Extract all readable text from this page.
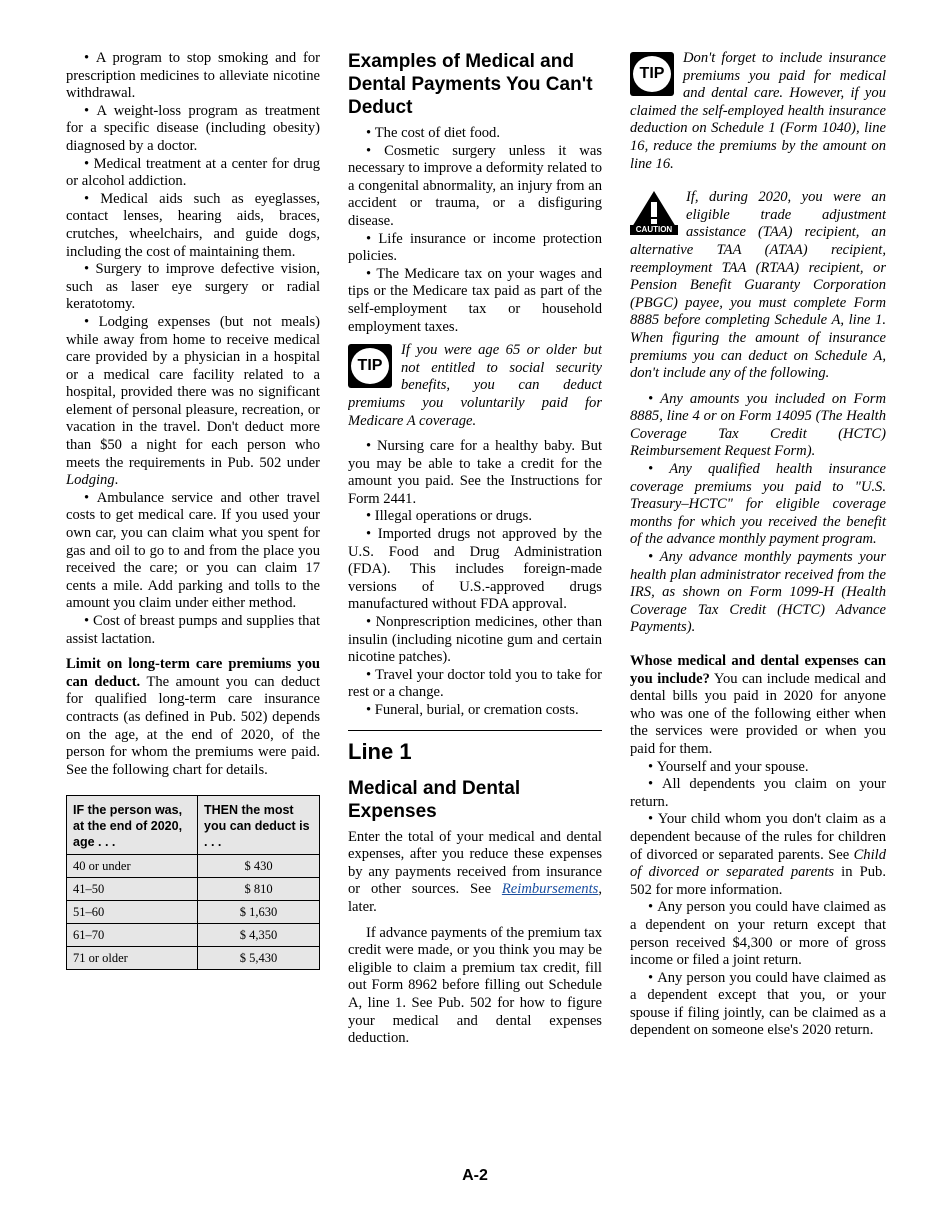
• A program to stop smoking and for prescription medicines to alleviate nicotine withdrawal.

• A weight-loss program as treatment for a specific disease (including obesity) diagnosed by a doctor.

• Medical treatment at a center for drug or alcohol addiction.

• Medical aids such as eyeglasses, contact lenses, hearing aids, braces, crutches, wheelchairs, and guide dogs, including the cost of maintaining them.

• Surgery to improve defective vision, such as laser eye surgery or radial keratotomy.

• Lodging expenses (but not meals) while away from home to receive medical care provided by a physician in a hospital or a medical care facility related to a hospital, provided there was no significant element of personal pleasure, recreation, or vacation in the travel. Don't deduct more than $50 a night for each person who meets the requirements in Pub. 502 under Lodging.

• Ambulance service and other travel costs to get medical care. If you used your own car, you can claim what you spent for gas and oil to go to and from the place you received the care; or you can claim 17 cents a mile. Add parking and tolls to the amount you claim under either method.

• Cost of breast pumps and supplies that assist lactation.

Limit on long-term care premiums you can deduct. The amount you can deduct for qualified long-term care insurance contracts (as defined in Pub. 502) depends on the age, at the end of 2020, of the person for whom the premiums were paid. See the following chart for details.

IF the person was, at the end of 2020, age . . .	THEN the most you can deduct is . . .
40 or under	$ 430
41–50	$ 810
51–60	$ 1,630
61–70	$ 4,350
71 or older	$ 5,430
Examples of Medical and Dental Payments You Can't Deduct

• The cost of diet food.

• Cosmetic surgery unless it was necessary to improve a deformity related to a congenital abnormality, an injury from an accident or trauma, or a disfiguring disease.

• Life insurance or income protection policies.

• The Medicare tax on your wages and tips or the Medicare tax paid as part of the self-employment tax or household employment taxes.

TIP

If you were age 65 or older but not entitled to social security benefits, you can deduct premiums you voluntarily paid for Medicare A coverage.

• Nursing care for a healthy baby. But you may be able to take a credit for the amount you paid. See the Instructions for Form 2441.

• Illegal operations or drugs.

• Imported drugs not approved by the U.S. Food and Drug Administration (FDA). This includes foreign-made versions of U.S.-approved drugs manufactured without FDA approval.

• Nonprescription medicines, other than insulin (including nicotine gum and certain nicotine patches).

• Travel your doctor told you to take for rest or a change.

• Funeral, burial, or cremation costs.

Line 1
Medical and Dental Expenses

Enter the total of your medical and dental expenses, after you reduce these expenses by any payments received from insurance or other sources. See Reimbursements, later.

If advance payments of the premium tax credit were made, or you think you may be eligible to claim a premium tax credit, fill out Form 8962 before filling out Schedule A, line 1. See Pub. 502 for how to figure your medical and dental expenses deduction.

TIP

Don't forget to include insurance premiums you paid for medical and dental care. However, if you claimed the self-employed health insurance deduction on Schedule 1 (Form 1040), line 16, reduce the premiums by the amount on line 16.

CAUTION

If, during 2020, you were an eligible trade adjustment assistance (TAA) recipient, an alternative TAA (ATAA) recipient, reemployment TAA (RTAA) recipient, or Pension Benefit Guaranty Corporation (PBGC) payee, you must complete Form 8885 before completing Schedule A, line 1. When figuring the amount of insurance premiums you can deduct on Schedule A, don't include any of the following.

• Any amounts you included on Form 8885, line 4 or on Form 14095 (The Health Coverage Tax Credit (HCTC) Reimbursement Request Form).

• Any qualified health insurance coverage premiums you paid to "U.S. Treasury–HCTC" for eligible coverage months for which you received the benefit of the advance monthly payment program.

• Any advance monthly payments your health plan administrator received from the IRS, as shown on Form 1099-H (Health Coverage Tax Credit (HCTC) Advance Payments).

Whose medical and dental expenses can you include? You can include medical and dental bills you paid in 2020 for anyone who was one of the following either when the services were provided or when you paid for them.

• Yourself and your spouse.

• All dependents you claim on your return.

• Your child whom you don't claim as a dependent because of the rules for children of divorced or separated parents. See Child of divorced or separated parents in Pub. 502 for more information.

• Any person you could have claimed as a dependent on your return except that person received $4,300 or more of gross income or filed a joint return.

• Any person you could have claimed as a dependent except that you, or your spouse if filing jointly, can be claimed as a dependent on someone else's 2020 return.

A-2
